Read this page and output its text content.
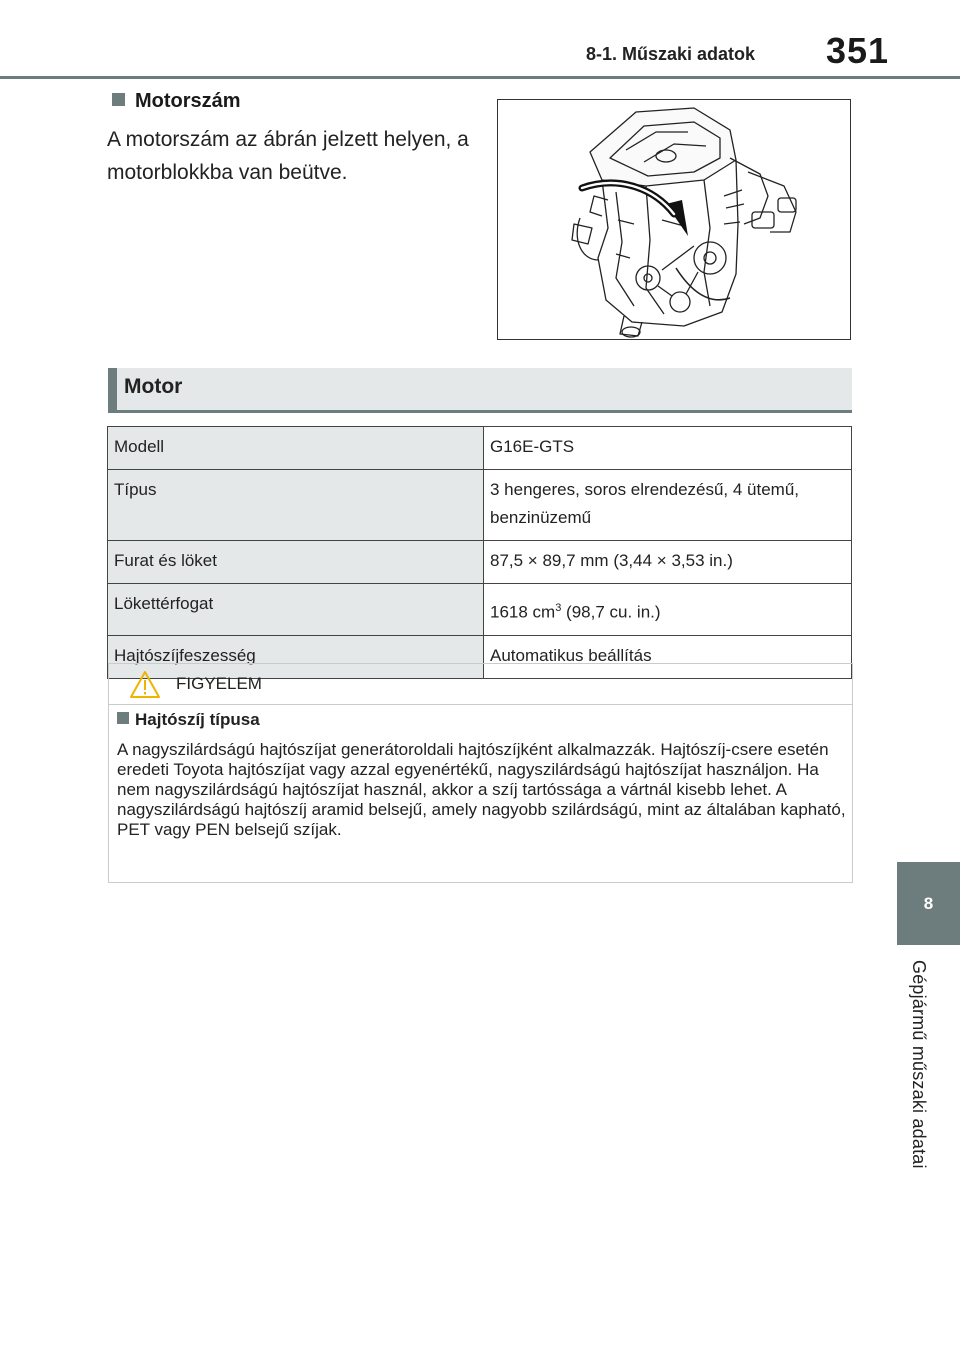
8-1. Műszaki adatok 351
8
Gépjármű műszaki adatai
Motorszám
A motorszám az ábrán jelzett helyen, a motorblokkba van beütve.
Motor
Modell	G16E-GTS
Típus	3 hengeres, soros elrendezésű, 4 ütemű, benzinüzemű
Furat és löket	87,5 × 89,7 mm (3,44 × 3,53 in.)
Lökettérfogat	1618 $cm^3$ (98,7 cu. in.)
Hajtószíjfeszesség	Automatikus beállítás
FIGYELEM
Hajtószíj típusa
A nagyszilárdságú hajtószíjat generátoroldali hajtószíjként alkalmazzák. Hajtószíj-csere esetén eredeti Toyota hajtószíjat vagy azzal egyenértékű, nagyszilárdságú hajtószíjat használjon. Ha nem nagyszilárdságú hajtószíjat használ, akkor a szíj tartóssága a vártnál kisebb lehet. A nagyszilárdságú hajtószíj aramid belsejű, amely nagyobb szilárdságú, mint az általában kapható, PET vagy PEN belsejű szíjak.
